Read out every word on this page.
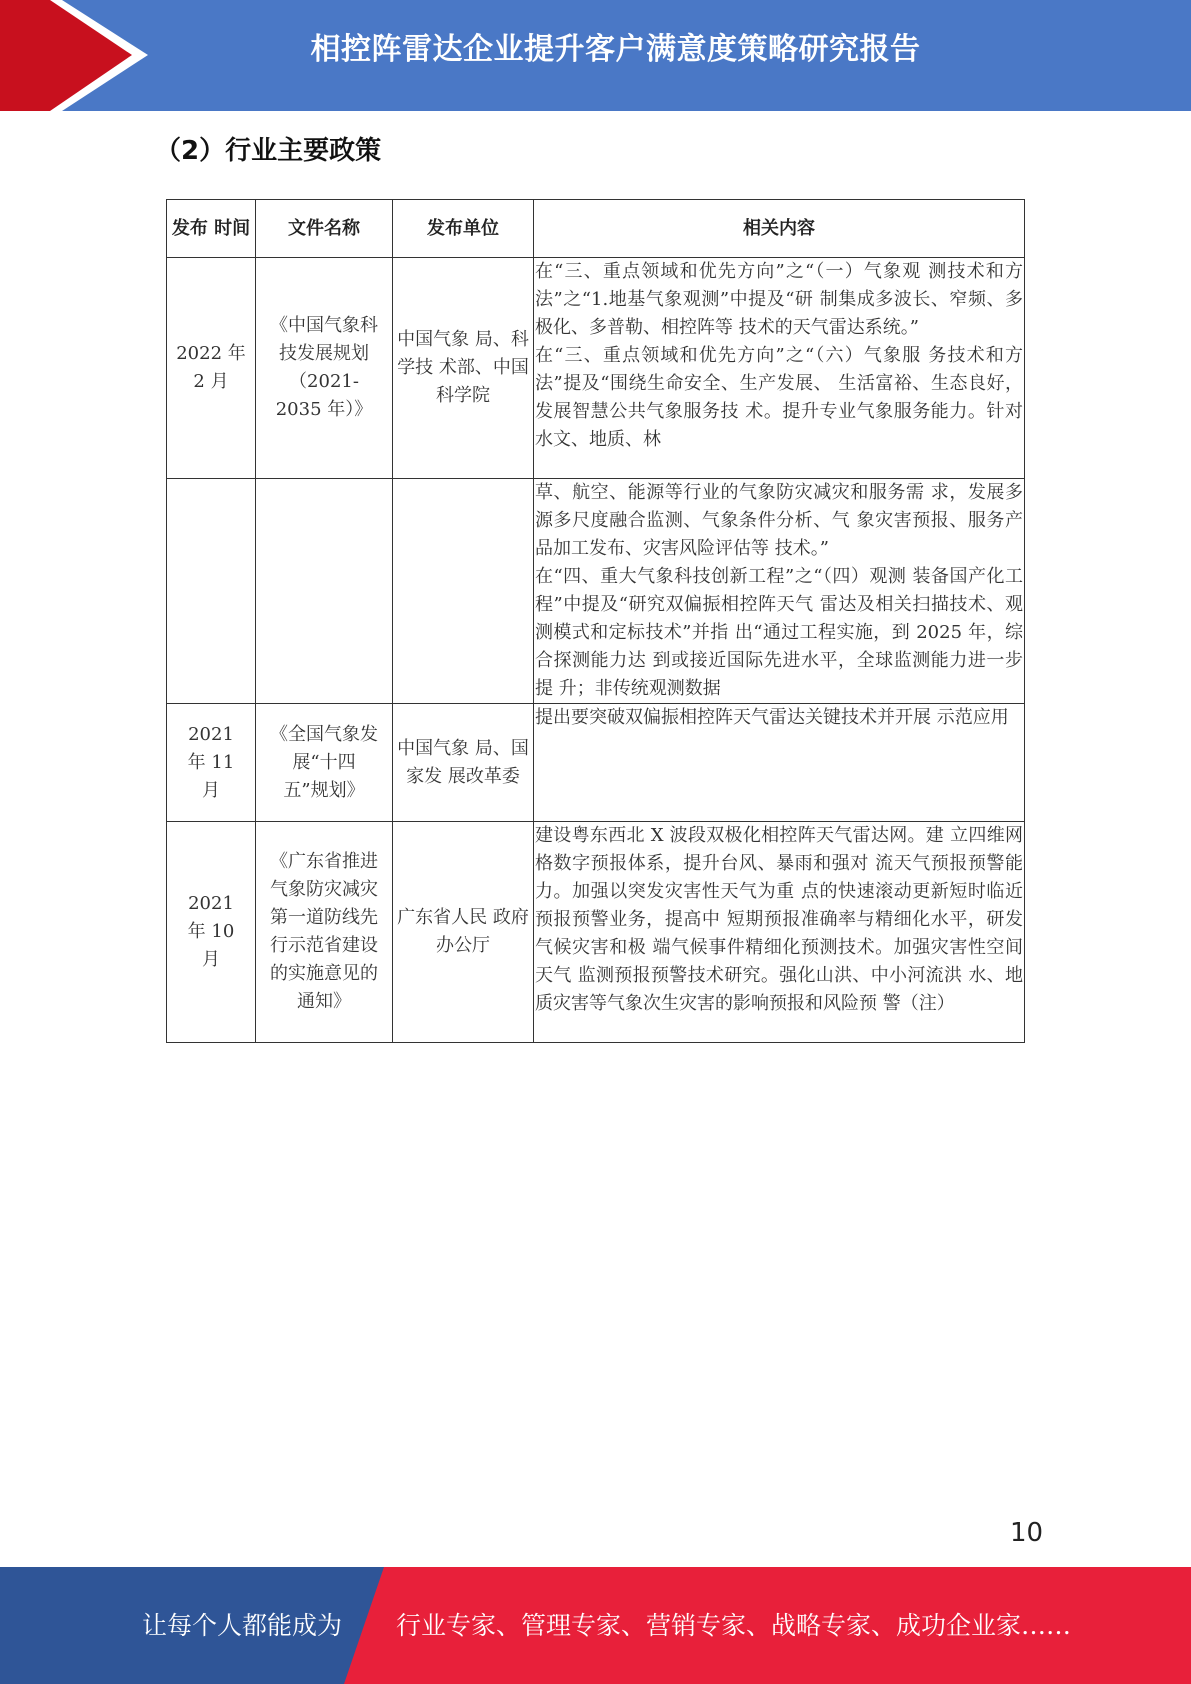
相控阵雷达企业提升客户满意度策略研究报告
（2）行业主要政策
发布 时间	文件名称	发布单位	相关内容
2022 年 2 月	《中国气象科技发展规划（2021-2035 年）》	中国气象 局、科学技 术部、中国 科学院	在“三、重点领域和优先方向”之“（一）气象观 测技术和方法”之“1.地基气象观测”中提及“研 制集成多波长、窄频、多极化、多普勒、相控阵等 技术的天气雷达系统。”
在“三、重点领域和优先方向”之“（六）气象服 务技术和方法”提及“围绕生命安全、生产发展、 生活富裕、生态良好，发展智慧公共气象服务技 术。提升专业气象服务能力。针对水文、地质、林

			草、航空、能源等行业的气象防灾减灾和服务需 求，发展多源多尺度融合监测、气象条件分析、气 象灾害预报、服务产品加工发布、灾害风险评估等 技术。”
在“四、重大气象科技创新工程”之“（四）观测 装备国产化工程”中提及“研究双偏振相控阵天气 雷达及相关扫描技术、观测模式和定标技术”并指 出“通过工程实施，到 2025 年，综合探测能力达 到或接近国际先进水平，全球监测能力进一步提 升；非传统观测数据

2021 年 11 月	《全国气象发展“十四五”规划》	中国气象 局、国家发 展改革委	提出要突破双偏振相控阵天气雷达关键技术并开展 示范应用

2021 年 10 月	《广东省推进气象防灾减灾第一道防线先行示范省建设的实施意见的通知》	广东省人民 政府办公厅	建设粤东西北 X 波段双极化相控阵天气雷达网。建 立四维网格数字预报体系，提升台风、暴雨和强对 流天气预报预警能力。加强以突发灾害性天气为重 点的快速滚动更新短时临近预报预警业务，提高中 短期预报准确率与精细化水平，研发气候灾害和极 端气候事件精细化预测技术。加强灾害性空间天气 监测预报预警技术研究。强化山洪、中小河流洪 水、地质灾害等气象次生灾害的影响预报和风险预 警（注）
10
让每个人都能成为 行业专家、管理专家、营销专家、战略专家、成功企业家……
